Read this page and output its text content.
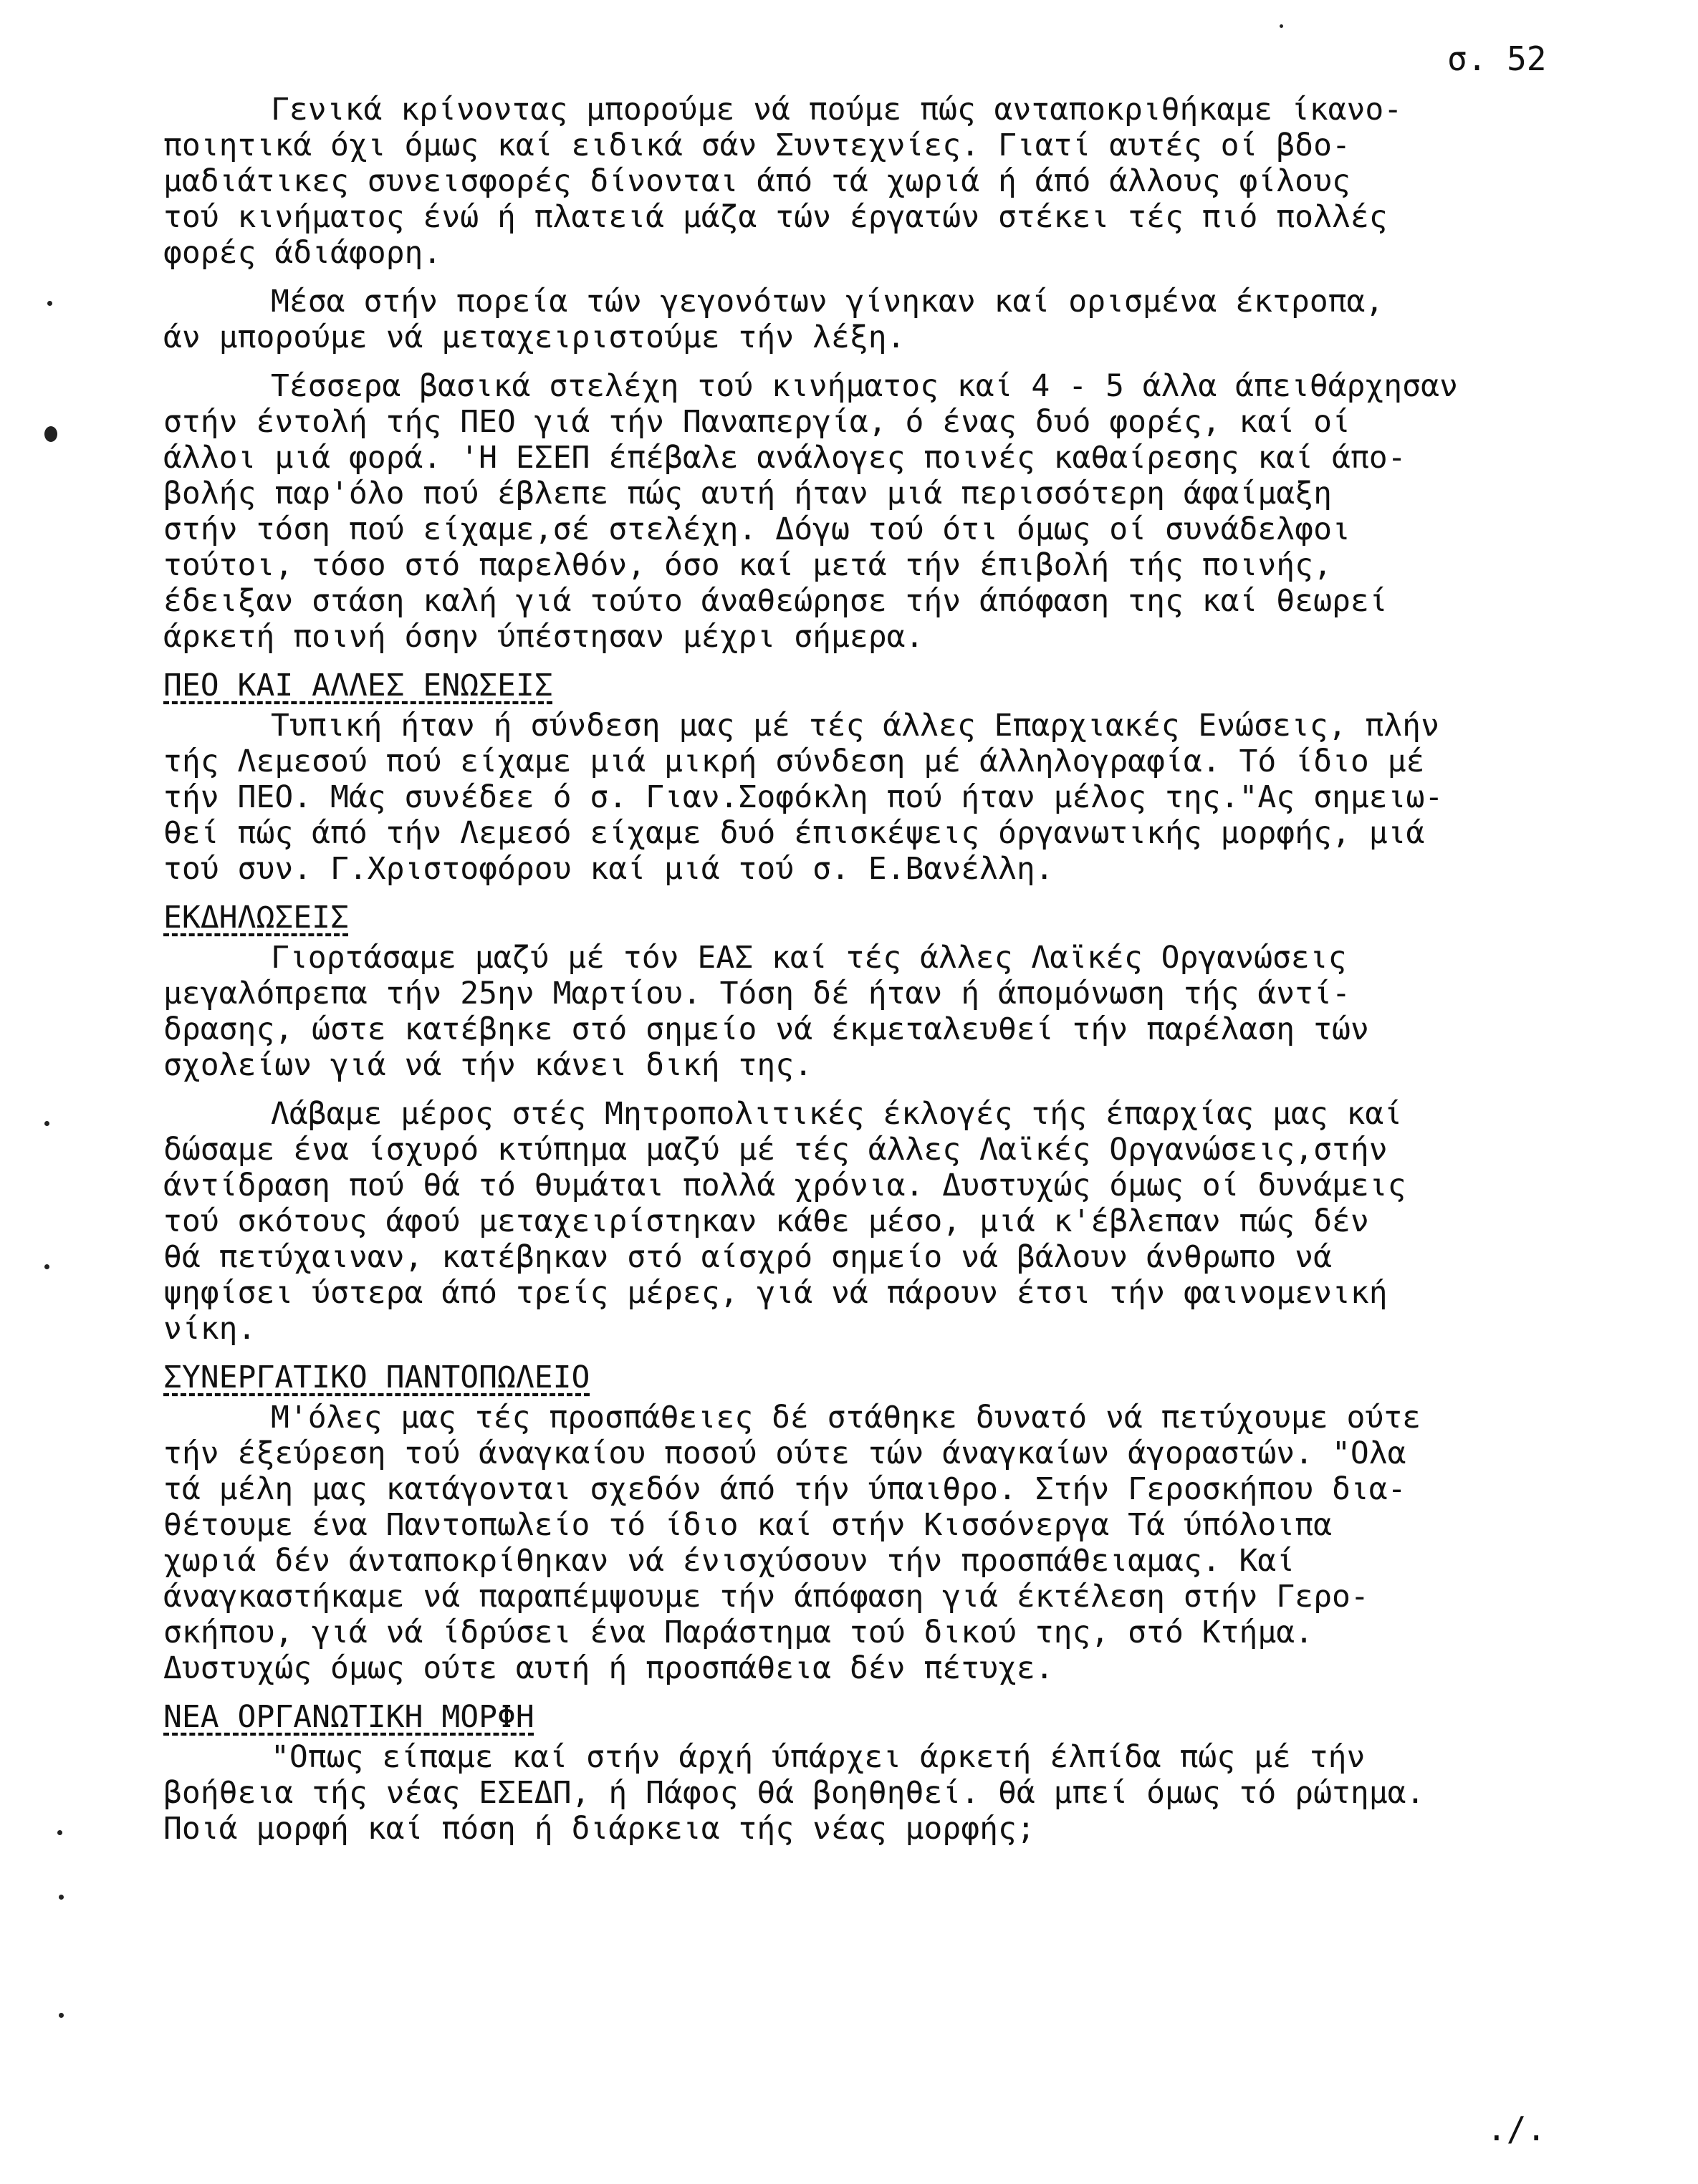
σ. 52

Γενικά κρίνοντας μπορούμε νά πούμε πώς ανταποκριθήκαμε ίκανο-
ποιητικά όχι όμως καί ειδικά σάν Συντεχνίες. Γιατί αυτές οί βδο-
μαδιάτικες συνεισφορές δίνονται άπό τά χωριά ή άπό άλλους φίλους
τού κινήματος ένώ ή πλατειά μάζα τών έργατών στέκει τές πιό πολλές
φορές άδιάφορη.

Μέσα στήν πορεία τών γεγονότων γίνηκαν καί ορισμένα έκτροπα,
άν μπορούμε νά μεταχειριστούμε τήν λέξη.

Τέσσερα βασικά στελέχη τού κινήματος καί 4 - 5 άλλα άπειθάρχησαν
στήν έντολή τής ΠΕΟ γιά τήν Παναπεργία, ό ένας δυό φορές, καί οί
άλλοι μιά φορά. 'Η ΕΣΕΠ έπέβαλε ανάλογες ποινές καθαίρεσης καί άπο-
βολής παρ'όλο πού έβλεπε πώς αυτή ήταν μιά περισσότερη άφαίμαξη
στήν τόση πού είχαμε,σέ στελέχη. Δόγω τού ότι όμως οί συνάδελφοι
τούτοι, τόσο στό παρελθόν, όσο καί μετά τήν έπιβολή τής ποινής,
έδειξαν στάση καλή γιά τούτο άναθεώρησε τήν άπόφαση της καί θεωρεί
άρκετή ποινή όσην ύπέστησαν μέχρι σήμερα.

ΠΕΟ ΚΑΙ ΑΛΛΕΣ ΕΝΩΣΕΙΣ

Τυπική ήταν ή σύνδεση μας μέ τές άλλες Επαρχιακές Ενώσεις, πλήν
τής Λεμεσού πού είχαμε μιά μικρή σύνδεση μέ άλληλογραφία. Τό ίδιο μέ
τήν ΠΕΟ. Μάς συνέδεε ό σ. Γιαν.Σοφόκλη πού ήταν μέλος της."Ας σημειω-
θεί πώς άπό τήν Λεμεσό είχαμε δυό έπισκέψεις όργανωτικής μορφής, μιά
τού συν. Γ.Χριστοφόρου καί μιά τού σ. Ε.Βανέλλη.

ΕΚΔΗΛΩΣΕΙΣ

Γιορτάσαμε μαζύ μέ τόν ΕΑΣ καί τές άλλες Λαϊκές Οργανώσεις
μεγαλόπρεπα τήν 25ην Μαρτίου. Τόση δέ ήταν ή άπομόνωση τής άντί-
δρασης, ώστε κατέβηκε στό σημείο νά έκμεταλευθεί τήν παρέλαση τών
σχολείων γιά νά τήν κάνει δική της.

Λάβαμε μέρος στές Μητροπολιτικές έκλογές τής έπαρχίας μας καί
δώσαμε ένα ίσχυρό κτύπημα μαζύ μέ τές άλλες Λαϊκές Οργανώσεις,στήν
άντίδραση πού θά τό θυμάται πολλά χρόνια. Δυστυχώς όμως οί δυνάμεις
τού σκότους άφού μεταχειρίστηκαν κάθε μέσο, μιά κ'έβλεπαν πώς δέν
θά πετύχαιναν, κατέβηκαν στό αίσχρό σημείο νά βάλουν άνθρωπο νά
ψηφίσει ύστερα άπό τρείς μέρες, γιά νά πάρουν έτσι τήν φαινομενική
νίκη.

ΣΥΝΕΡΓΑΤΙΚΟ ΠΑΝΤΟΠΩΛΕΙΟ

Μ'όλες μας τές προσπάθειες δέ στάθηκε δυνατό νά πετύχουμε ούτε
τήν έξεύρεση τού άναγκαίου ποσού ούτε τών άναγκαίων άγοραστών. "Ολα
τά μέλη μας κατάγονται σχεδόν άπό τήν ύπαιθρο. Στήν Γεροσκήπου δια-
θέτουμε ένα Παντοπωλείο τό ίδιο καί στήν Κισσόνεργα Τά ύπόλοιπα
χωριά δέν άνταποκρίθηκαν νά ένισχύσουν τήν προσπάθειαμας. Καί
άναγκαστήκαμε νά παραπέμψουμε τήν άπόφαση γιά έκτέλεση στήν Γερο-
σκήπου, γιά νά ίδρύσει ένα Παράστημα τού δικού της, στό Κτήμα.
Δυστυχώς όμως ούτε αυτή ή προσπάθεια δέν πέτυχε.

ΝΕΑ ΟΡΓΑΝΩΤΙΚΗ ΜΟΡΦΗ

"Οπως είπαμε καί στήν άρχή ύπάρχει άρκετή έλπίδα πώς μέ τήν
βοήθεια τής νέας ΕΣΕΔΠ, ή Πάφος θά βοηθηθεί. θά μπεί όμως τό ρώτημα.
Ποιά μορφή καί πόση ή διάρκεια τής νέας μορφής;

./.
